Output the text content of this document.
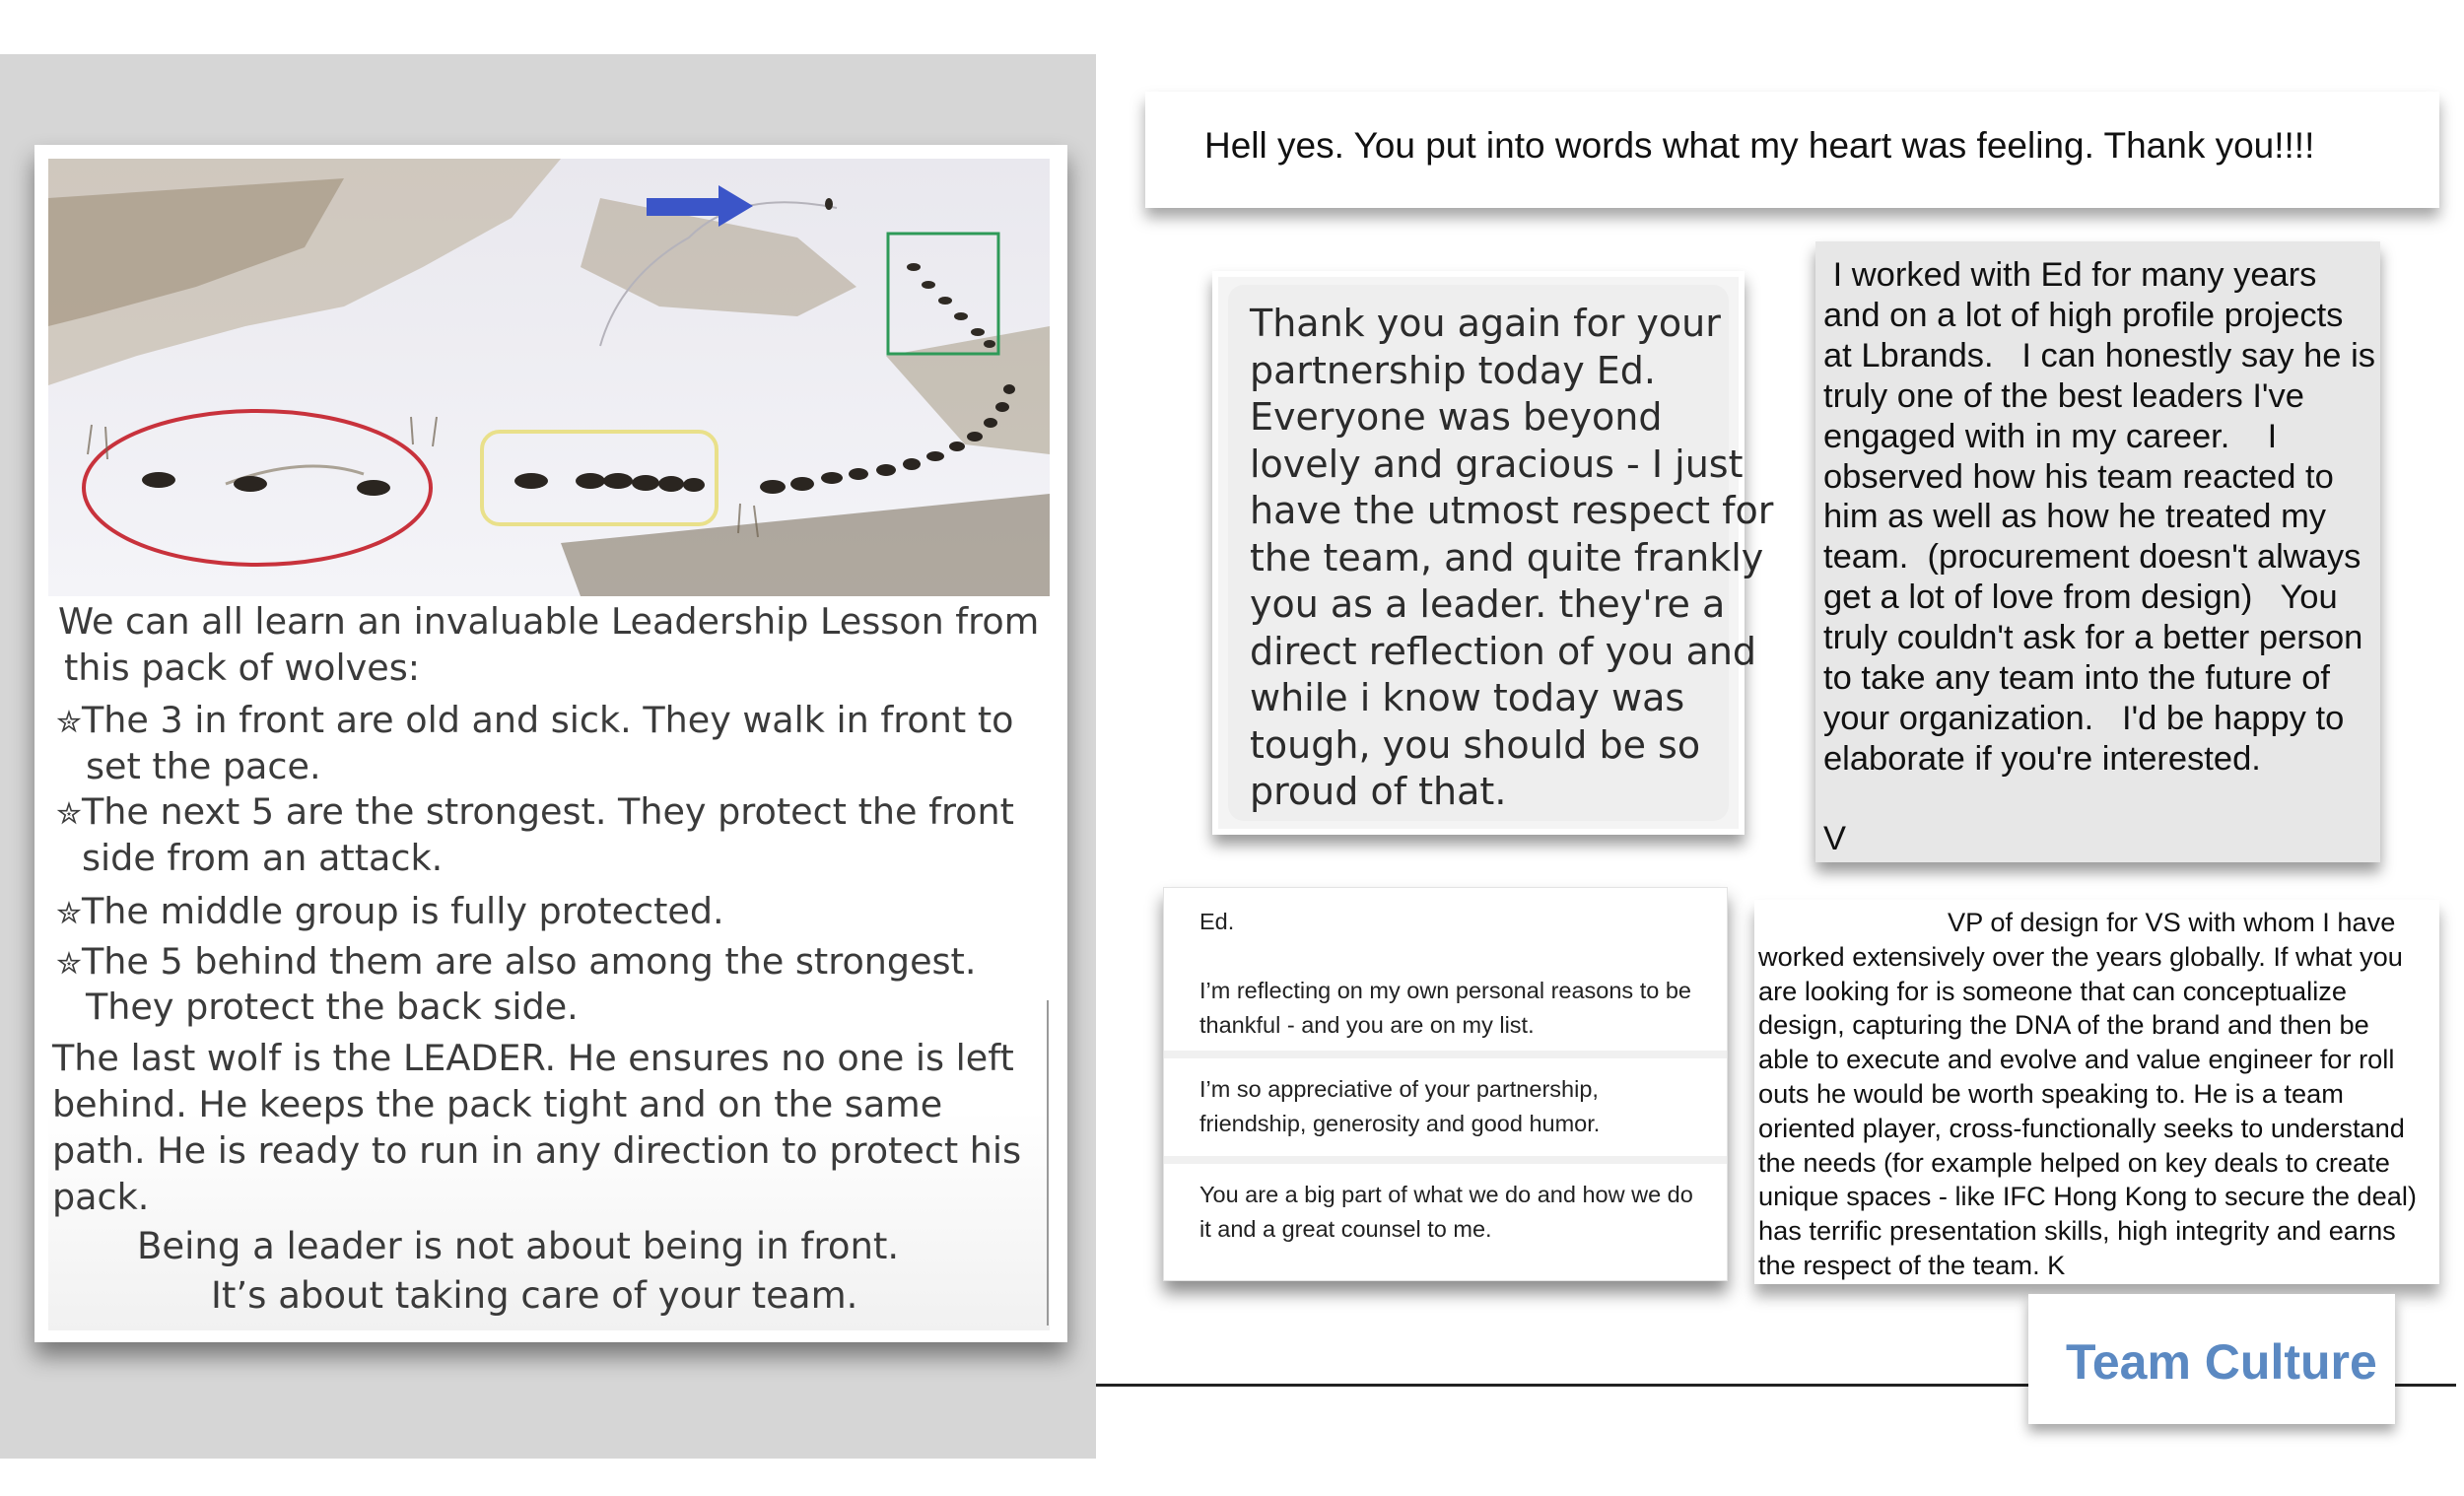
We can all learn an invaluable Leadership Lesson from
this pack of wolves:
✮The 3 in front are old and sick. They walk in front to
set the pace.
✮The next 5 are the strongest. They protect the front
side from an attack.
✮The middle group is fully protected.
✮The 5 behind them are also among the strongest.
They protect the back side.
The last wolf is the LEADER. He ensures no one is left
behind. He keeps the pack tight and on the same
path. He is ready to run in any direction to protect his
pack.
Being a leader is not about being in front.
It’s about taking care of your team.
Hell yes. You put into words what my heart was feeling. Thank you!!!!
Thank you again for your
partnership today Ed.
Everyone was beyond
lovely and gracious - I just
have the utmost respect for
the team, and quite frankly
you as a leader. they're a
direct reflection of you and
while i know today was
tough, you should be so
proud of that.
I worked with Ed for many years
and on a lot of high profile projects
at Lbrands.   I can honestly say he is
truly one of the best leaders I've
engaged with in my career.    I
observed how his team reacted to
him as well as how he treated my
team.  (procurement doesn't always
get a lot of love from design)   You
truly couldn't ask for a better person
to take any team into the future of
your organization.   I'd be happy to
elaborate if you're interested.
V
Ed.
I’m reflecting on my own personal reasons to be
thankful - and you are on my list.
I’m so appreciative of your partnership,
friendship, generosity and good humor.
You are a big part of what we do and how we do
it and a great counsel to me.
VP of design for VS with whom I have
worked extensively over the years globally. If what you
are looking for is someone that can conceptualize
design, capturing the DNA of the brand and then be
able to execute and evolve and value engineer for roll
outs he would be worth speaking to. He is a team
oriented player, cross-functionally seeks to understand
the needs (for example helped on key deals to create
unique spaces - like IFC Hong Kong to secure the deal)
has terrific presentation skills, high integrity and earns
the respect of the team. K
Team Culture
